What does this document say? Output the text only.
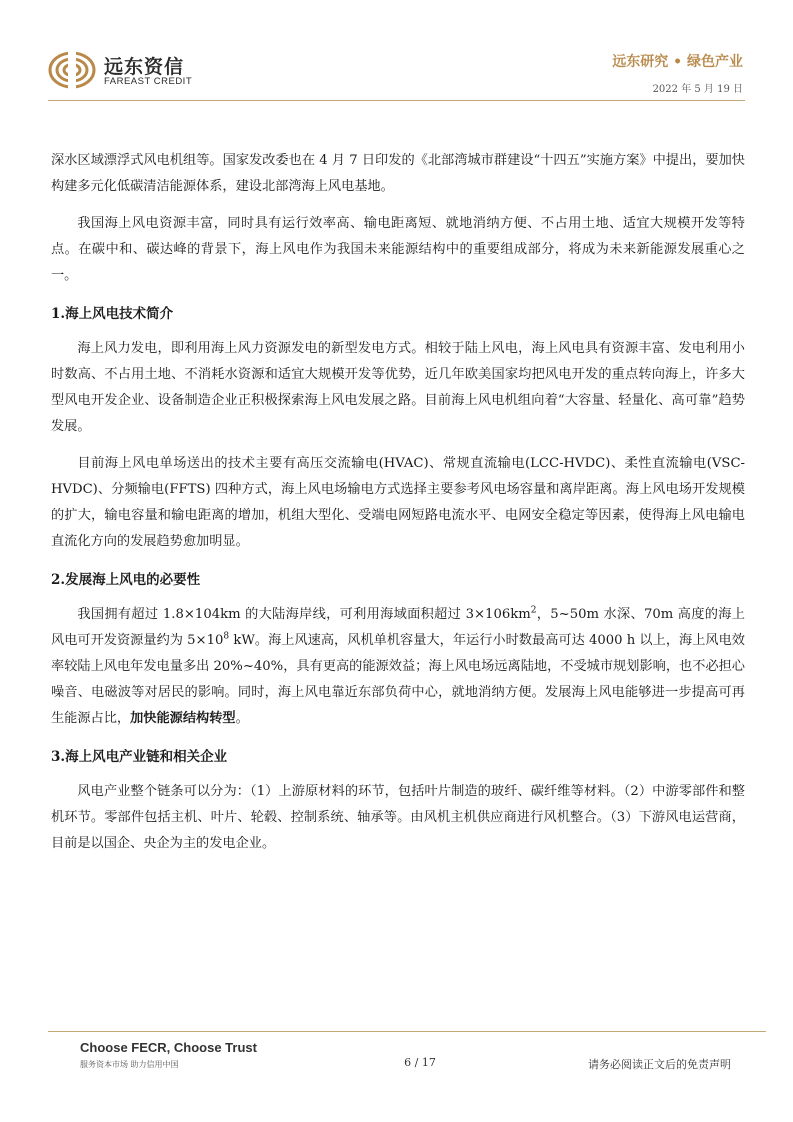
远东资信
FAREAST CREDIT
远东研究 • 绿色产业
2022 年 5 月 19 日

深水区域漂浮式风电机组等。国家发改委也在 4 月 7 日印发的《北部湾城市群建设“十四五”实施方案》中提出，要加快构建多元化低碳清洁能源体系，建设北部湾海上风电基地。

我国海上风电资源丰富，同时具有运行效率高、输电距离短、就地消纳方便、不占用土地、适宜大规模开发等特点。在碳中和、碳达峰的背景下，海上风电作为我国未来能源结构中的重要组成部分，将成为未来新能源发展重心之一。

1.海上风电技术简介

海上风力发电，即利用海上风力资源发电的新型发电方式。相较于陆上风电，海上风电具有资源丰富、发电利用小时数高、不占用土地、不消耗水资源和适宜大规模开发等优势，近几年欧美国家均把风电开发的重点转向海上，许多大型风电开发企业、设备制造企业正积极探索海上风电发展之路。目前海上风电机组向着“大容量、轻量化、高可靠”趋势发展。

目前海上风电单场送出的技术主要有高压交流输电(HVAC)、常规直流输电(LCC-HVDC)、柔性直流输电(VSC-HVDC)、分频输电(FFTS) 四种方式，海上风电场输电方式选择主要参考风电场容量和离岸距离。海上风电场开发规模的扩大，输电容量和输电距离的增加，机组大型化、受端电网短路电流水平、电网安全稳定等因素，使得海上风电输电直流化方向的发展趋势愈加明显。

2.发展海上风电的必要性

我国拥有超过 1.8×104km 的大陆海岸线，可利用海域面积超过 $3\times 106km^2$，5~50m 水深、70m 高度的海上风电可开发资源量约为 $5\times 10^8$ kW。海上风速高，风机单机容量大，年运行小时数最高可达 4000 h 以上，海上风电效率较陆上风电年发电量多出 20%~40%，具有更高的能源效益；海上风电场远离陆地，不受城市规划影响，也不必担心噪音、电磁波等对居民的影响。同时，海上风电靠近东部负荷中心，就地消纳方便。发展海上风电能够进一步提高可再生能源占比，加快能源结构转型。

3.海上风电产业链和相关企业

风电产业整个链条可以分为：（1）上游原材料的环节，包括叶片制造的玻纤、碳纤维等材料。（2）中游零部件和整机环节。零部件包括主机、叶片、轮毂、控制系统、轴承等。由风机主机供应商进行风机整合。（3）下游风电运营商，目前是以国企、央企为主的发电企业。

Choose FECR, Choose Trust
服务资本市场 助力信用中国	6 / 17	请务必阅读正文后的免责声明
